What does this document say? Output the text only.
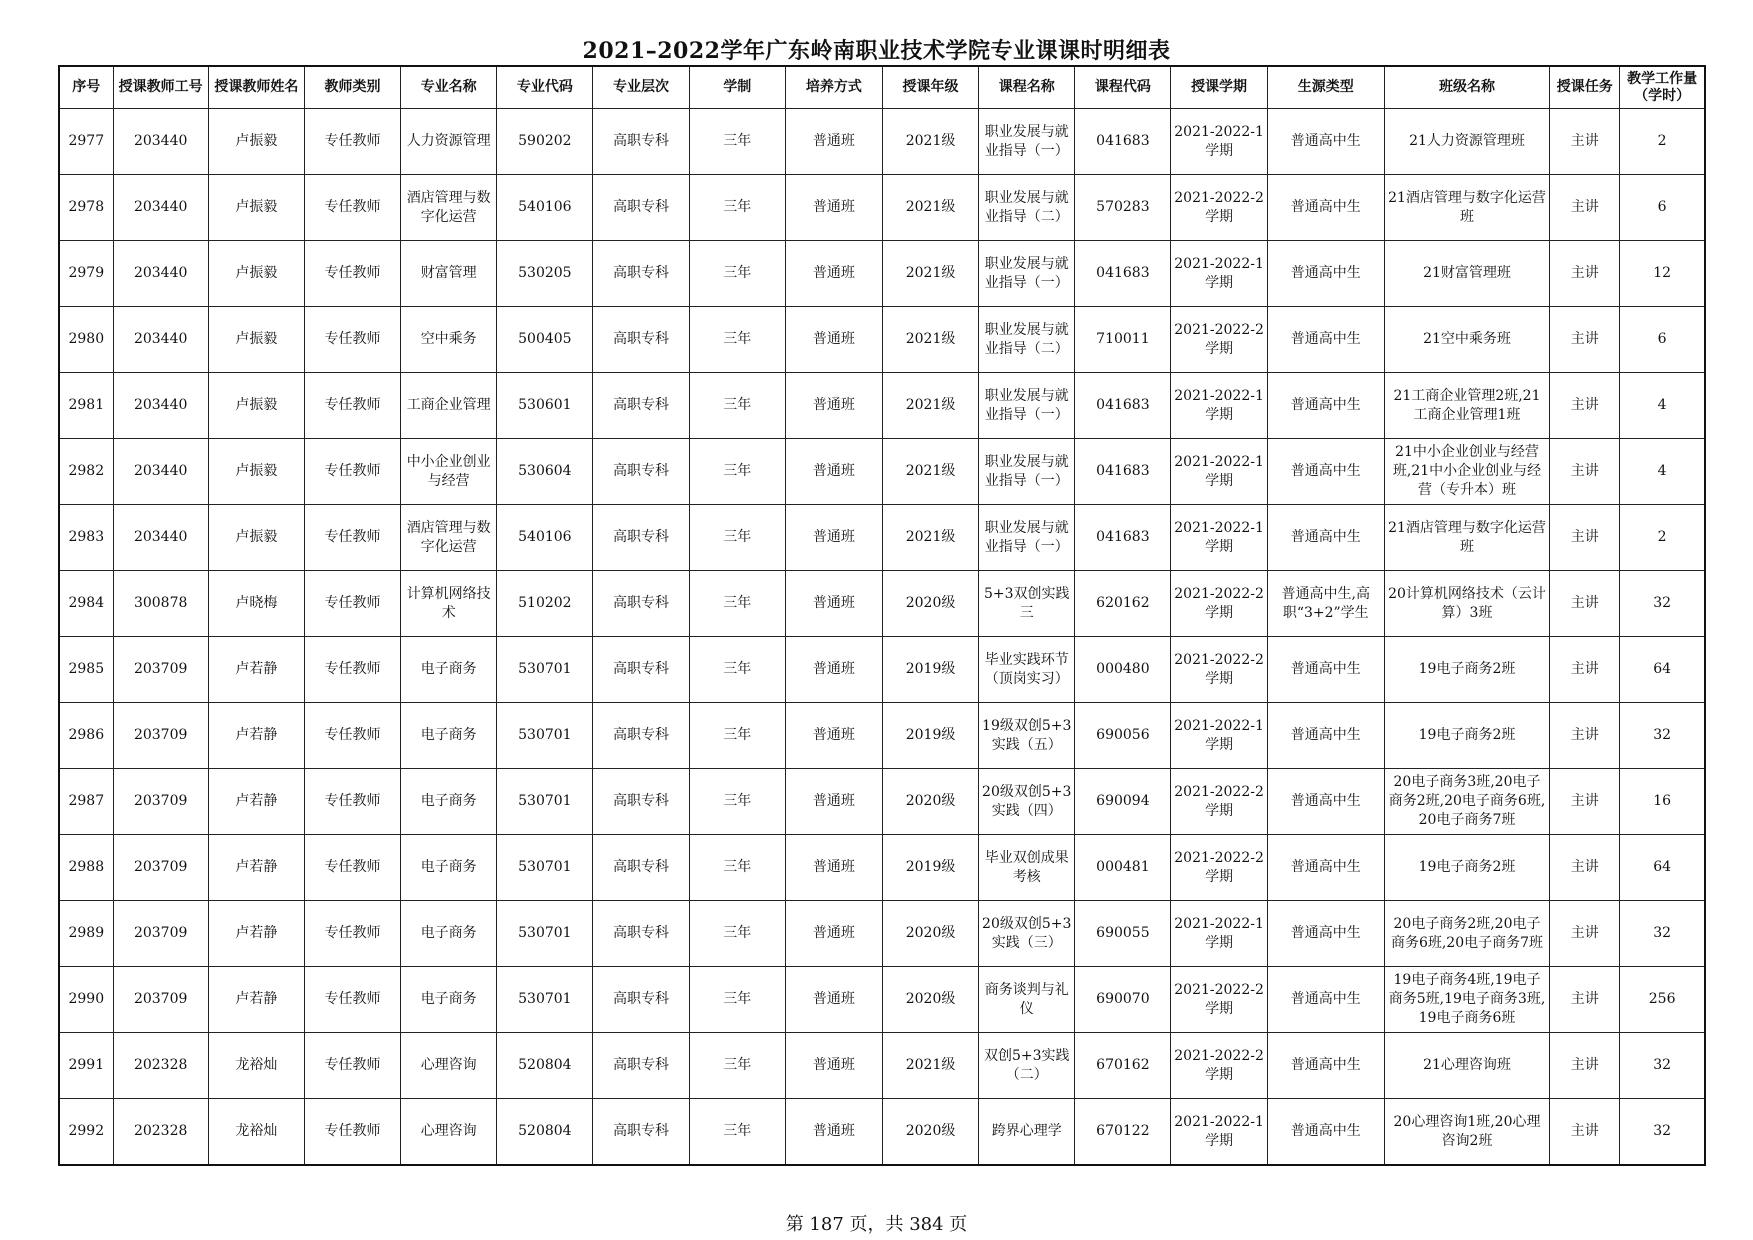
2021–2022学年广东岭南职业技术学院专业课课时明细表
序号	授课教师工号	授课教师姓名	教师类别	专业名称	专业代码	专业层次	学制	培养方式	授课年级	课程名称	课程代码	授课学期	生源类型	班级名称	授课任务	教学工作量（学时）
2977	203440	卢振毅	专任教师	人力资源管理	590202	高职专科	三年	普通班	2021级	职业发展与就业指导（一）	041683	2021-2022-1学期	普通高中生	21人力资源管理班	主讲	2
2978	203440	卢振毅	专任教师	酒店管理与数字化运营	540106	高职专科	三年	普通班	2021级	职业发展与就业指导（二）	570283	2021-2022-2学期	普通高中生	21酒店管理与数字化运营班	主讲	6
2979	203440	卢振毅	专任教师	财富管理	530205	高职专科	三年	普通班	2021级	职业发展与就业指导（一）	041683	2021-2022-1学期	普通高中生	21财富管理班	主讲	12
2980	203440	卢振毅	专任教师	空中乘务	500405	高职专科	三年	普通班	2021级	职业发展与就业指导（二）	710011	2021-2022-2学期	普通高中生	21空中乘务班	主讲	6
2981	203440	卢振毅	专任教师	工商企业管理	530601	高职专科	三年	普通班	2021级	职业发展与就业指导（一）	041683	2021-2022-1学期	普通高中生	21工商企业管理2班,21工商企业管理1班	主讲	4
2982	203440	卢振毅	专任教师	中小企业创业与经营	530604	高职专科	三年	普通班	2021级	职业发展与就业指导（一）	041683	2021-2022-1学期	普通高中生	21中小企业创业与经营班,21中小企业创业与经营（专升本）班	主讲	4
2983	203440	卢振毅	专任教师	酒店管理与数字化运营	540106	高职专科	三年	普通班	2021级	职业发展与就业指导（一）	041683	2021-2022-1学期	普通高中生	21酒店管理与数字化运营班	主讲	2
2984	300878	卢晓梅	专任教师	计算机网络技术	510202	高职专科	三年	普通班	2020级	5+3双创实践三	620162	2021-2022-2学期	普通高中生,高职“3+2”学生	20计算机网络技术（云计算）3班	主讲	32
2985	203709	卢若静	专任教师	电子商务	530701	高职专科	三年	普通班	2019级	毕业实践环节（顶岗实习）	000480	2021-2022-2学期	普通高中生	19电子商务2班	主讲	64
2986	203709	卢若静	专任教师	电子商务	530701	高职专科	三年	普通班	2019级	19级双创5+3实践（五）	690056	2021-2022-1学期	普通高中生	19电子商务2班	主讲	32
2987	203709	卢若静	专任教师	电子商务	530701	高职专科	三年	普通班	2020级	20级双创5+3实践（四）	690094	2021-2022-2学期	普通高中生	20电子商务3班,20电子商务2班,20电子商务6班,20电子商务7班	主讲	16
2988	203709	卢若静	专任教师	电子商务	530701	高职专科	三年	普通班	2019级	毕业双创成果考核	000481	2021-2022-2学期	普通高中生	19电子商务2班	主讲	64
2989	203709	卢若静	专任教师	电子商务	530701	高职专科	三年	普通班	2020级	20级双创5+3实践（三）	690055	2021-2022-1学期	普通高中生	20电子商务2班,20电子商务6班,20电子商务7班	主讲	32
2990	203709	卢若静	专任教师	电子商务	530701	高职专科	三年	普通班	2020级	商务谈判与礼仪	690070	2021-2022-2学期	普通高中生	19电子商务4班,19电子商务5班,19电子商务3班,19电子商务6班	主讲	256
2991	202328	龙裕灿	专任教师	心理咨询	520804	高职专科	三年	普通班	2021级	双创5+3实践（二）	670162	2021-2022-2学期	普通高中生	21心理咨询班	主讲	32
2992	202328	龙裕灿	专任教师	心理咨询	520804	高职专科	三年	普通班	2020级	跨界心理学	670122	2021-2022-1学期	普通高中生	20心理咨询1班,20心理咨询2班	主讲	32
第 187 页，共 384 页
